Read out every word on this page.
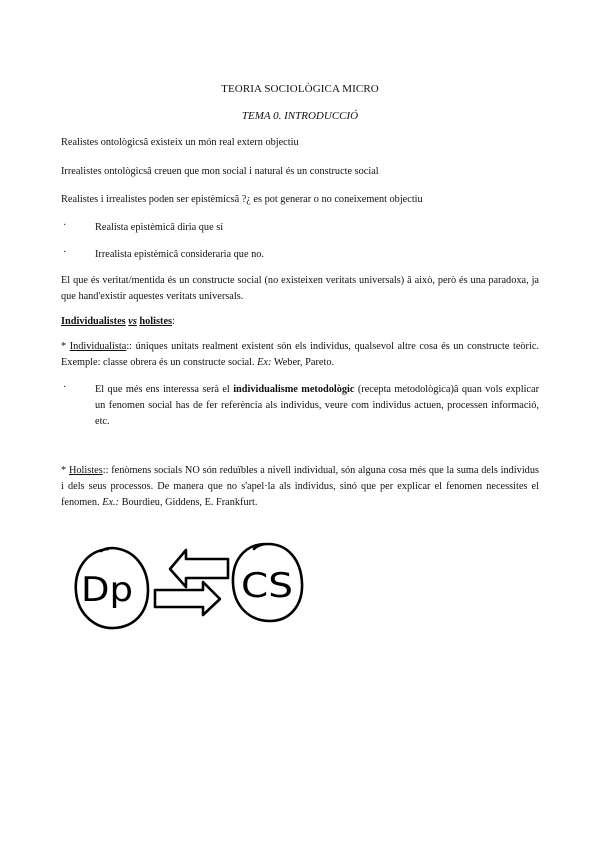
TEORIA SOCIOLÒGICA MICRO
TEMA 0. INTRODUCCIÓ
Realistes ontològicsâ existeix un món real extern objectiu
Irrealistes ontològicsâ creuen que mon social i natural és un constructe social
Realistes i irrealistes poden ser epistèmicsâ ?¿ es pot generar o no coneixement objectiu
·	Realista epistèmicâ diria que sí
·	Irrealista epistèmicâ consideraria que no.
El que és veritat/mentida és un constructe social (no existeixen veritats universals) â això, però és una paradoxa, ja que hand'existir aquestes veritats universals.
Individualistes vs holistes:
* Individualista:: úniques unitats realment existent són els individus, qualsevol altre cosa és un constructe teòric. Exemple: classe obrera és un constructe social. Ex: Weber, Pareto.
·	El que més ens interessa serà el individualisme metodològic (recepta metodològica)â quan vols explicar un fenomen social has de fer referència als individus, veure com individus actuen, processen informació, etc.
* Holistes:: fenòmens socials NO són reduïbles a nivell individual, són alguna cosa més que la suma dels individus i dels seus processos. De manera que no s'apel·la als individus, sinó que per explicar el fenomen necessites el fenomen. Ex.: Bourdieu, Giddens, E. Frankfurt.
Dp	CS
